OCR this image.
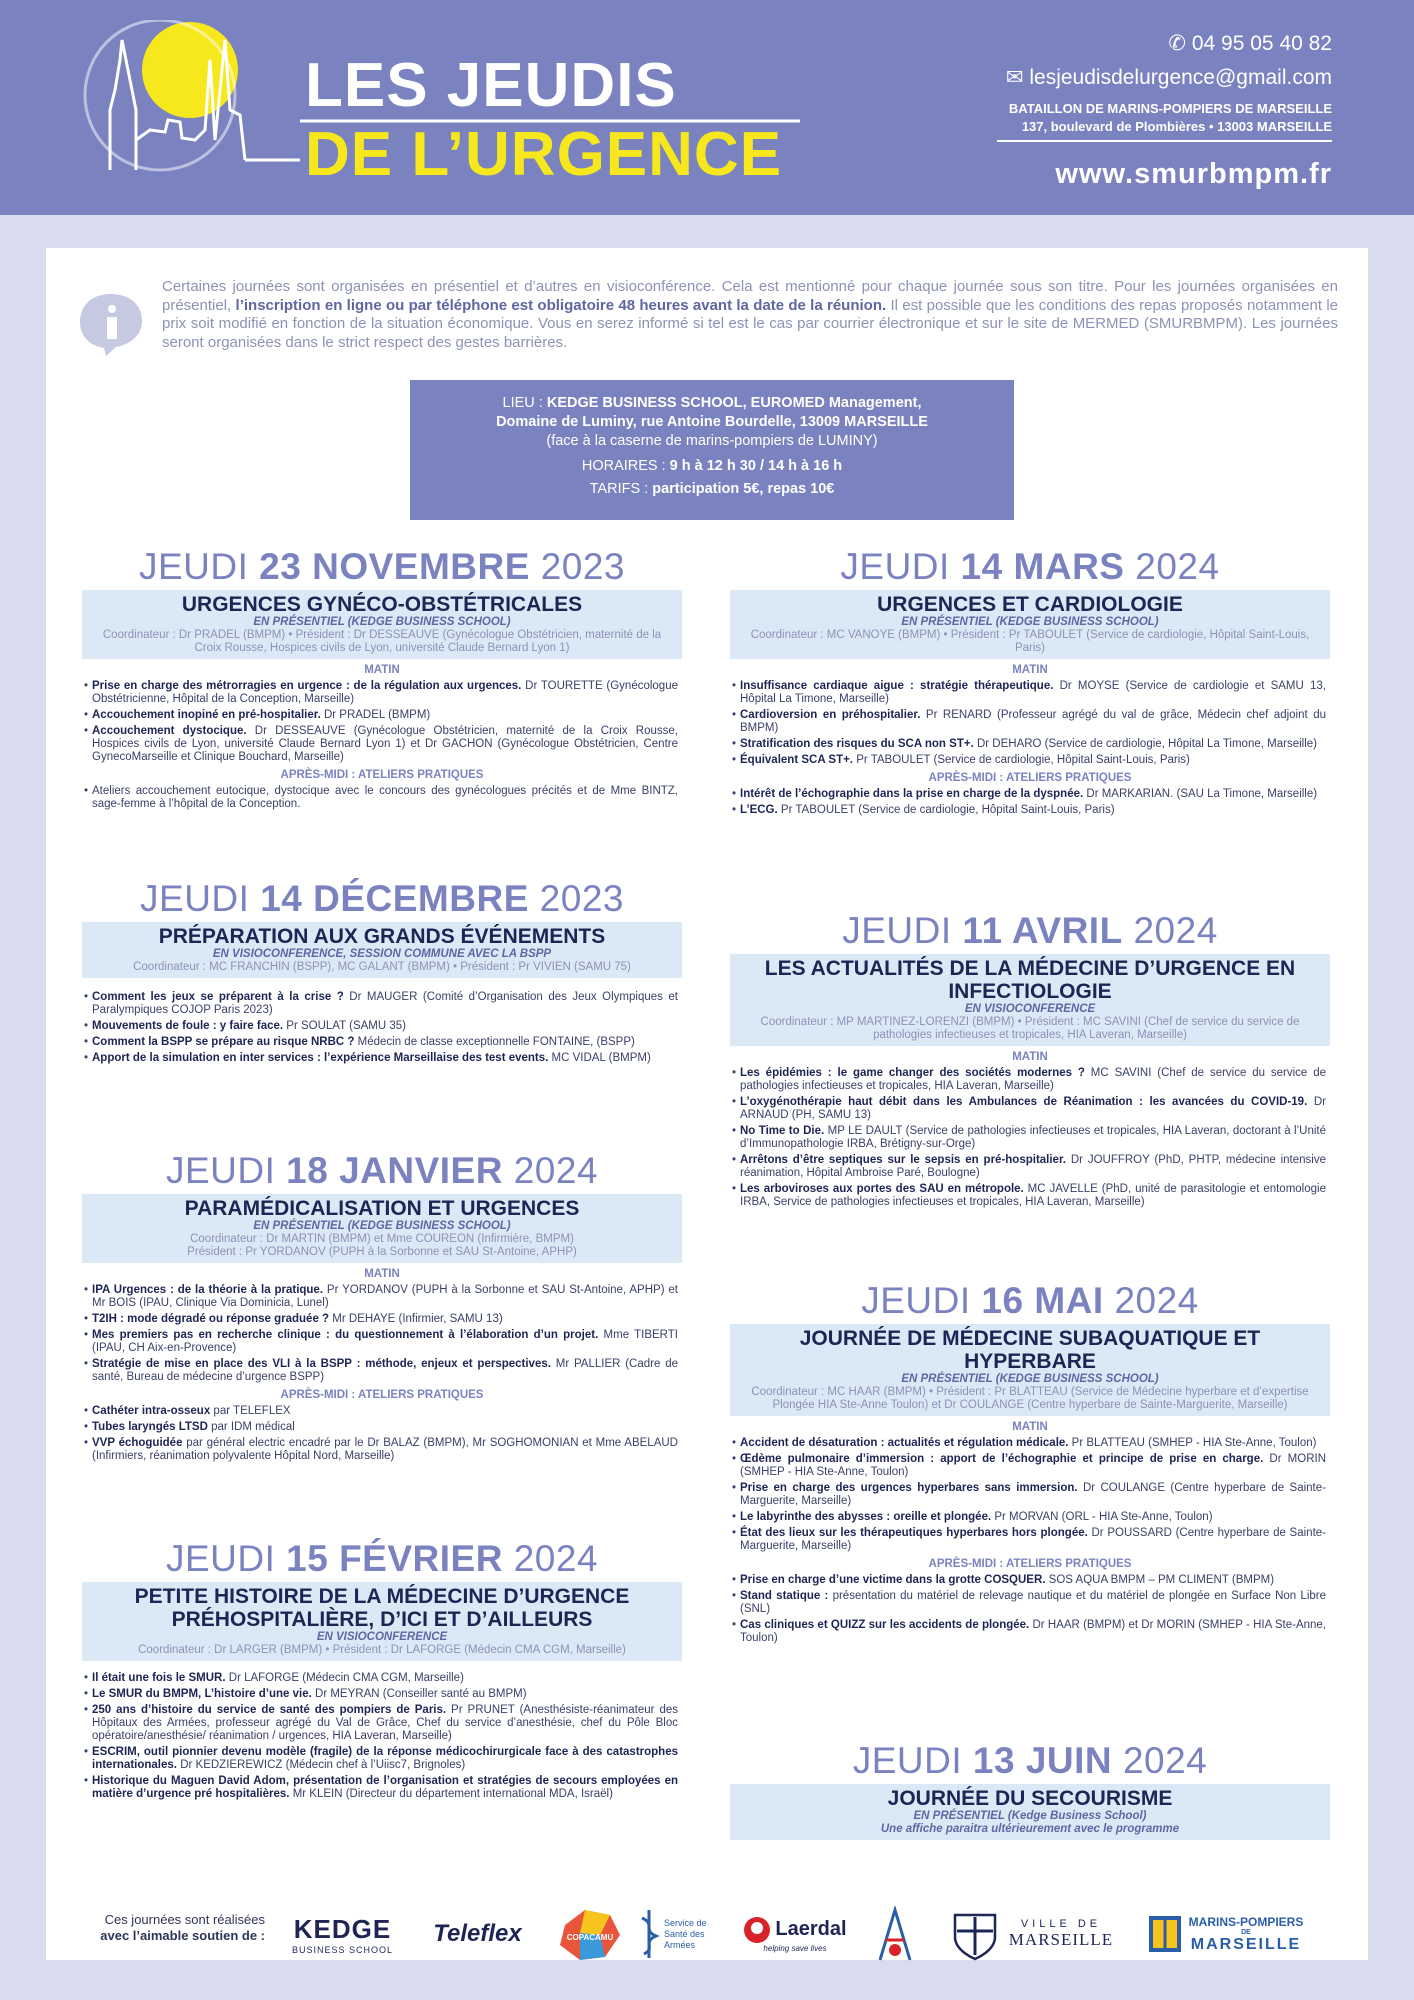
LES JEUDIS
DE L’URGENCE
✆ 04 95 05 40 82
✉ lesjeudisdelurgence@gmail.com
BATAILLON DE MARINS-POMPIERS DE MARSEILLE
137, boulevard de Plombières • 13003 MARSEILLE
www.smurbmpm.fr
Certaines journées sont organisées en présentiel et d’autres en visioconférence. Cela est mentionné pour chaque journée sous son titre. Pour les journées organisées en présentiel, l’inscription en ligne ou par téléphone est obligatoire 48 heures avant la date de la réunion. Il est possible que les conditions des repas proposés notamment le prix soit modifié en fonction de la situation économique. Vous en serez informé si tel est le cas par courrier électronique et sur le site de MERMED (SMURBMPM). Les journées seront organisées dans le strict respect des gestes barrières.
LIEU : KEDGE BUSINESS SCHOOL, EUROMED Management,
Domaine de Luminy, rue Antoine Bourdelle, 13009 MARSEILLE
(face à la caserne de marins-pompiers de LUMINY)
HORAIRES : 9 h à 12 h 30 / 14 h à 16 h
TARIFS : participation 5€, repas 10€
JEUDI 23 NOVEMBRE 2023
URGENCES GYNÉCO-OBSTÉTRICALES
EN PRÉSENTIEL (KEDGE BUSINESS SCHOOL)
Coordinateur : Dr PRADEL (BMPM) • Président : Dr DESSEAUVE (Gynécologue Obstétricien, maternité de la Croix Rousse, Hospices civils de Lyon, université Claude Bernard Lyon 1)
MATIN
• Prise en charge des métrorragies en urgence : de la régulation aux urgences. Dr TOURETTE (Gynécologue Obstétricienne, Hôpital de la Conception, Marseille)
• Accouchement inopiné en pré-hospitalier. Dr PRADEL (BMPM)
• Accouchement dystocique. Dr DESSEAUVE (Gynécologue Obstétricien, maternité de la Croix Rousse, Hospices civils de Lyon, université Claude Bernard Lyon 1) et Dr GACHON (Gynécologue Obstétricien, Centre GynecoMarseille et Clinique Bouchard, Marseille)
APRÈS-MIDI : ATELIERS PRATIQUES
• Ateliers accouchement eutocique, dystocique avec le concours des gynécologues précités et de Mme BINTZ, sage-femme à l’hôpital de la Conception.
JEUDI 14 DÉCEMBRE 2023
PRÉPARATION AUX GRANDS ÉVÉNEMENTS
EN VISIOCONFERENCE, SESSION COMMUNE AVEC LA BSPP
Coordinateur : MC FRANCHIN (BSPP), MC GALANT (BMPM) • Président : Pr VIVIEN (SAMU 75)
• Comment les jeux se préparent à la crise ? Dr MAUGER (Comité d’Organisation des Jeux Olympiques et Paralympiques COJOP Paris 2023)
• Mouvements de foule : y faire face. Pr SOULAT (SAMU 35)
• Comment la BSPP se prépare au risque NRBC ? Médecin de classe exceptionnelle FONTAINE, (BSPP)
• Apport de la simulation en inter services : l’expérience Marseillaise des test events. MC VIDAL (BMPM)
JEUDI 18 JANVIER 2024
PARAMÉDICALISATION ET URGENCES
EN PRÉSENTIEL (KEDGE BUSINESS SCHOOL)
Coordinateur : Dr MARTIN (BMPM) et Mme COUREON (Infirmière, BMPM)
Président : Pr YORDANOV (PUPH à la Sorbonne et SAU St-Antoine, APHP)
MATIN
• IPA Urgences : de la théorie à la pratique. Pr YORDANOV (PUPH à la Sorbonne et SAU St-Antoine, APHP) et Mr BOIS (IPAU, Clinique Via Dominicia, Lunel)
• T2IH : mode dégradé ou réponse graduée ? Mr DEHAYE (Infirmier, SAMU 13)
• Mes premiers pas en recherche clinique : du questionnement à l’élaboration d’un projet. Mme TIBERTI (IPAU, CH Aix-en-Provence)
• Stratégie de mise en place des VLI à la BSPP : méthode, enjeux et perspectives. Mr PALLIER (Cadre de santé, Bureau de médecine d’urgence BSPP)
APRÈS-MIDI : ATELIERS PRATIQUES
• Cathéter intra-osseux par TELEFLEX
• Tubes laryngés LTSD par IDM médical
• VVP échoguidée par général electric encadré par le Dr BALAZ (BMPM), Mr SOGHOMONIAN et Mme ABELAUD (Infirmiers, réanimation polyvalente Hôpital Nord, Marseille)
JEUDI 15 FÉVRIER 2024
PETITE HISTOIRE DE LA MÉDECINE D’URGENCE PRÉHOSPITALIÈRE, D’ICI ET D’AILLEURS
EN VISIOCONFERENCE
Coordinateur : Dr LARGER (BMPM) • Président : Dr LAFORGE (Médecin CMA CGM, Marseille)
• Il était une fois le SMUR. Dr LAFORGE (Médecin CMA CGM, Marseille)
• Le SMUR du BMPM, L’histoire d’une vie. Dr MEYRAN (Conseiller santé au BMPM)
• 250 ans d’histoire du service de santé des pompiers de Paris. Pr PRUNET (Anesthésiste-réanimateur des Hôpitaux des Armées, professeur agrégé du Val de Grâce, Chef du service d’anesthésie, chef du Pôle Bloc opératoire/anesthésie/ réanimation / urgences, HIA Laveran, Marseille)
• ESCRIM, outil pionnier devenu modèle (fragile) de la réponse médicochirurgicale face à des catastrophes internationales. Dr KEDZIEREWICZ (Médecin chef à l’Uiisc7, Brignoles)
• Historique du Maguen David Adom, présentation de l’organisation et stratégies de secours employées en matière d’urgence pré hospitalières. Mr KLEIN (Directeur du département international MDA, Israël)
JEUDI 14 MARS 2024
URGENCES ET CARDIOLOGIE
EN PRÉSENTIEL (KEDGE BUSINESS SCHOOL)
Coordinateur : MC VANOYE (BMPM) • Président : Pr TABOULET (Service de cardiologie, Hôpital Saint-Louis, Paris)
MATIN
• Insuffisance cardiaque aigue : stratégie thérapeutique. Dr MOYSE (Service de cardiologie et SAMU 13, Hôpital La Timone, Marseille)
• Cardioversion en préhospitalier. Pr RENARD (Professeur agrégé du val de grâce, Médecin chef adjoint du BMPM)
• Stratification des risques du SCA non ST+. Dr DEHARO (Service de cardiologie, Hôpital La Timone, Marseille)
• Équivalent SCA ST+. Pr TABOULET (Service de cardiologie, Hôpital Saint-Louis, Paris)
APRÈS-MIDI : ATELIERS PRATIQUES
• Intérêt de l’échographie dans la prise en charge de la dyspnée. Dr MARKARIAN. (SAU La Timone, Marseille)
• L’ECG. Pr TABOULET (Service de cardiologie, Hôpital Saint-Louis, Paris)
JEUDI 11 AVRIL 2024
LES ACTUALITÉS DE LA MÉDECINE D’URGENCE EN INFECTIOLOGIE
EN VISIOCONFERENCE
Coordinateur : MP MARTINEZ-LORENZI (BMPM) • Président : MC SAVINI (Chef de service du service de pathologies infectieuses et tropicales, HIA Laveran, Marseille)
MATIN
• Les épidémies : le game changer des sociétés modernes ? MC SAVINI (Chef de service du service de pathologies infectieuses et tropicales, HIA Laveran, Marseille)
• L’oxygénothérapie haut débit dans les Ambulances de Réanimation : les avancées du COVID-19. Dr ARNAUD (PH, SAMU 13)
• No Time to Die. MP LE DAULT (Service de pathologies infectieuses et tropicales, HIA Laveran, doctorant à l’Unité d’Immunopathologie IRBA, Brétigny-sur-Orge)
• Arrêtons d’être septiques sur le sepsis en pré-hospitalier. Dr JOUFFROY (PhD, PHTP, médecine intensive réanimation, Hôpital Ambroise Paré, Boulogne)
• Les arboviroses aux portes des SAU en métropole. MC JAVELLE (PhD, unité de parasitologie et entomologie IRBA, Service de pathologies infectieuses et tropicales, HIA Laveran, Marseille)
JEUDI 16 MAI 2024
JOURNÉE DE MÉDECINE SUBAQUATIQUE ET HYPERBARE
EN PRÉSENTIEL (KEDGE BUSINESS SCHOOL)
Coordinateur : MC HAAR (BMPM) • Président : Pr BLATTEAU (Service de Médecine hyperbare et d’expertise Plongée HIA Ste-Anne Toulon) et Dr COULANGE (Centre hyperbare de Sainte-Marguerite, Marseille)
MATIN
• Accident de désaturation : actualités et régulation médicale. Pr BLATTEAU (SMHEP - HIA Ste-Anne, Toulon)
• Œdème pulmonaire d’immersion : apport de l’échographie et principe de prise en charge. Dr MORIN (SMHEP - HIA Ste-Anne, Toulon)
• Prise en charge des urgences hyperbares sans immersion. Dr COULANGE (Centre hyperbare de Sainte-Marguerite, Marseille)
• Le labyrinthe des abysses : oreille et plongée. Pr MORVAN (ORL - HIA Ste-Anne, Toulon)
• État des lieux sur les thérapeutiques hyperbares hors plongée. Dr POUSSARD (Centre hyperbare de Sainte-Marguerite, Marseille)
APRÈS-MIDI : ATELIERS PRATIQUES
• Prise en charge d’une victime dans la grotte COSQUER. SOS AQUA BMPM – PM CLIMENT (BMPM)
• Stand statique : présentation du matériel de relevage nautique et du matériel de plongée en Surface Non Libre (SNL)
• Cas cliniques et QUIZZ sur les accidents de plongée. Dr HAAR (BMPM) et Dr MORIN (SMHEP - HIA Ste-Anne, Toulon)
JEUDI 13 JUIN 2024
JOURNÉE DU SECOURISME
EN PRÉSENTIEL (Kedge Business School)
Une affiche paraitra ultérieurement avec le programme
Ces journées sont réalisées
avec l’aimable soutien de : KEDGE
BUSINESS SCHOOL
Teleflex	COPACAMU
Service de Santé des Armées
Laerdal
helping save lives
VILLE DE
MARSEILLE
MARINS-POMPIERS
DE
MARSEILLE
